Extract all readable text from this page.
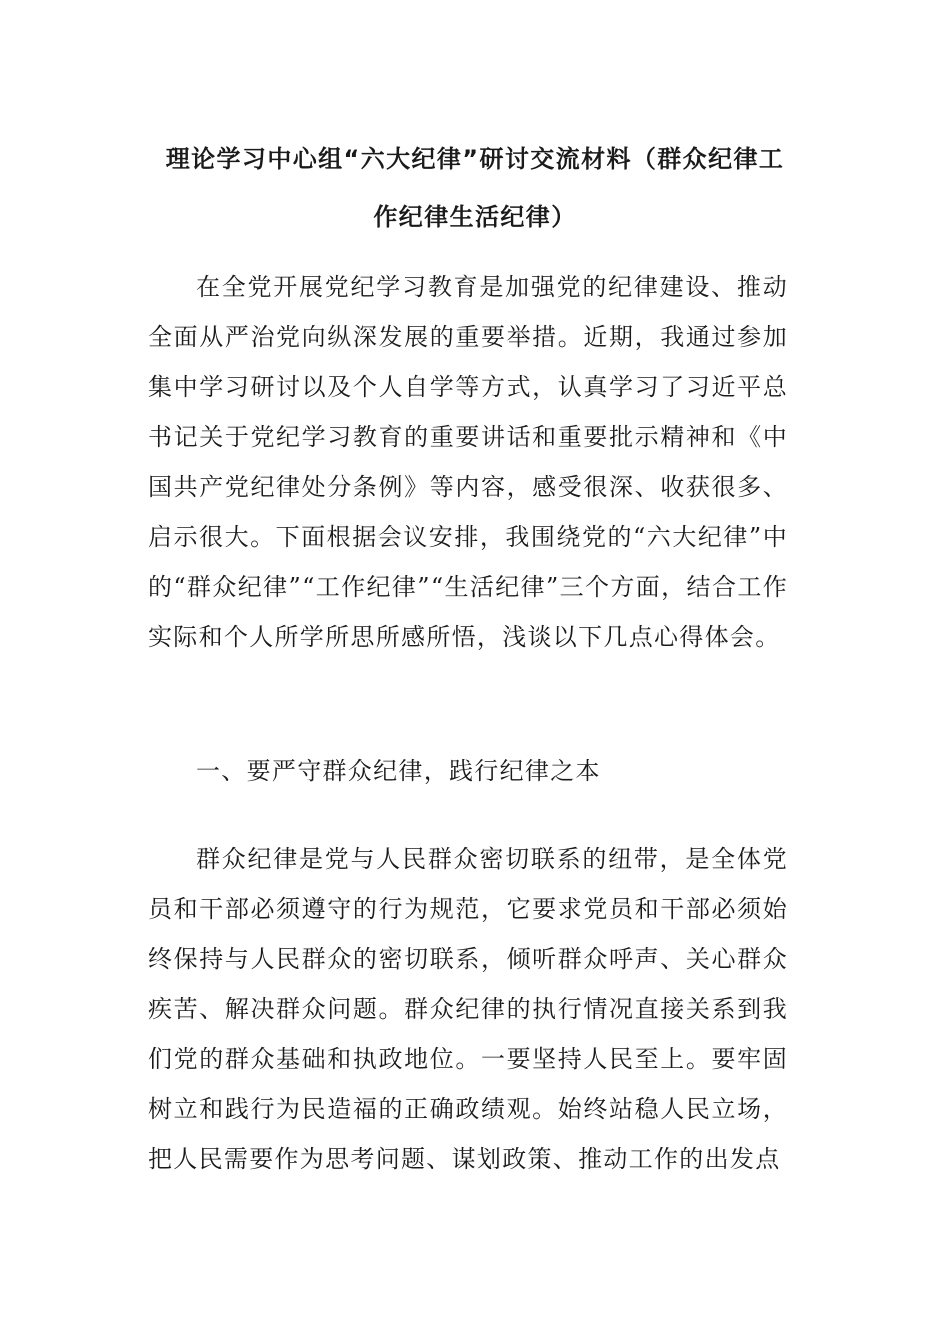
理论学习中心组“六大纪律”研讨交流材料（群众纪律工
作纪律生活纪律）

在全党开展党纪学习教育是加强党的纪律建设、推动全面从严治党向纵深发展的重要举措。近期，我通过参加集中学习研讨以及个人自学等方式，认真学习了习近平总书记关于党纪学习教育的重要讲话和重要批示精神和《中国共产党纪律处分条例》等内容，感受很深、收获很多、启示很大。下面根据会议安排，我围绕党的“六大纪律”中的“群众纪律”“工作纪律”“生活纪律”三个方面，结合工作实际和个人所学所思所感所悟，浅谈以下几点心得体会。

一、要严守群众纪律，践行纪律之本

群众纪律是党与人民群众密切联系的纽带，是全体党员和干部必须遵守的行为规范，它要求党员和干部必须始终保持与人民群众的密切联系，倾听群众呼声、关心群众疾苦、解决群众问题。群众纪律的执行情况直接关系到我们党的群众基础和执政地位。一要坚持人民至上。要牢固树立和践行为民造福的正确政绩观。始终站稳人民立场，把人民需要作为思考问题、谋划政策、推动工作的出发点
